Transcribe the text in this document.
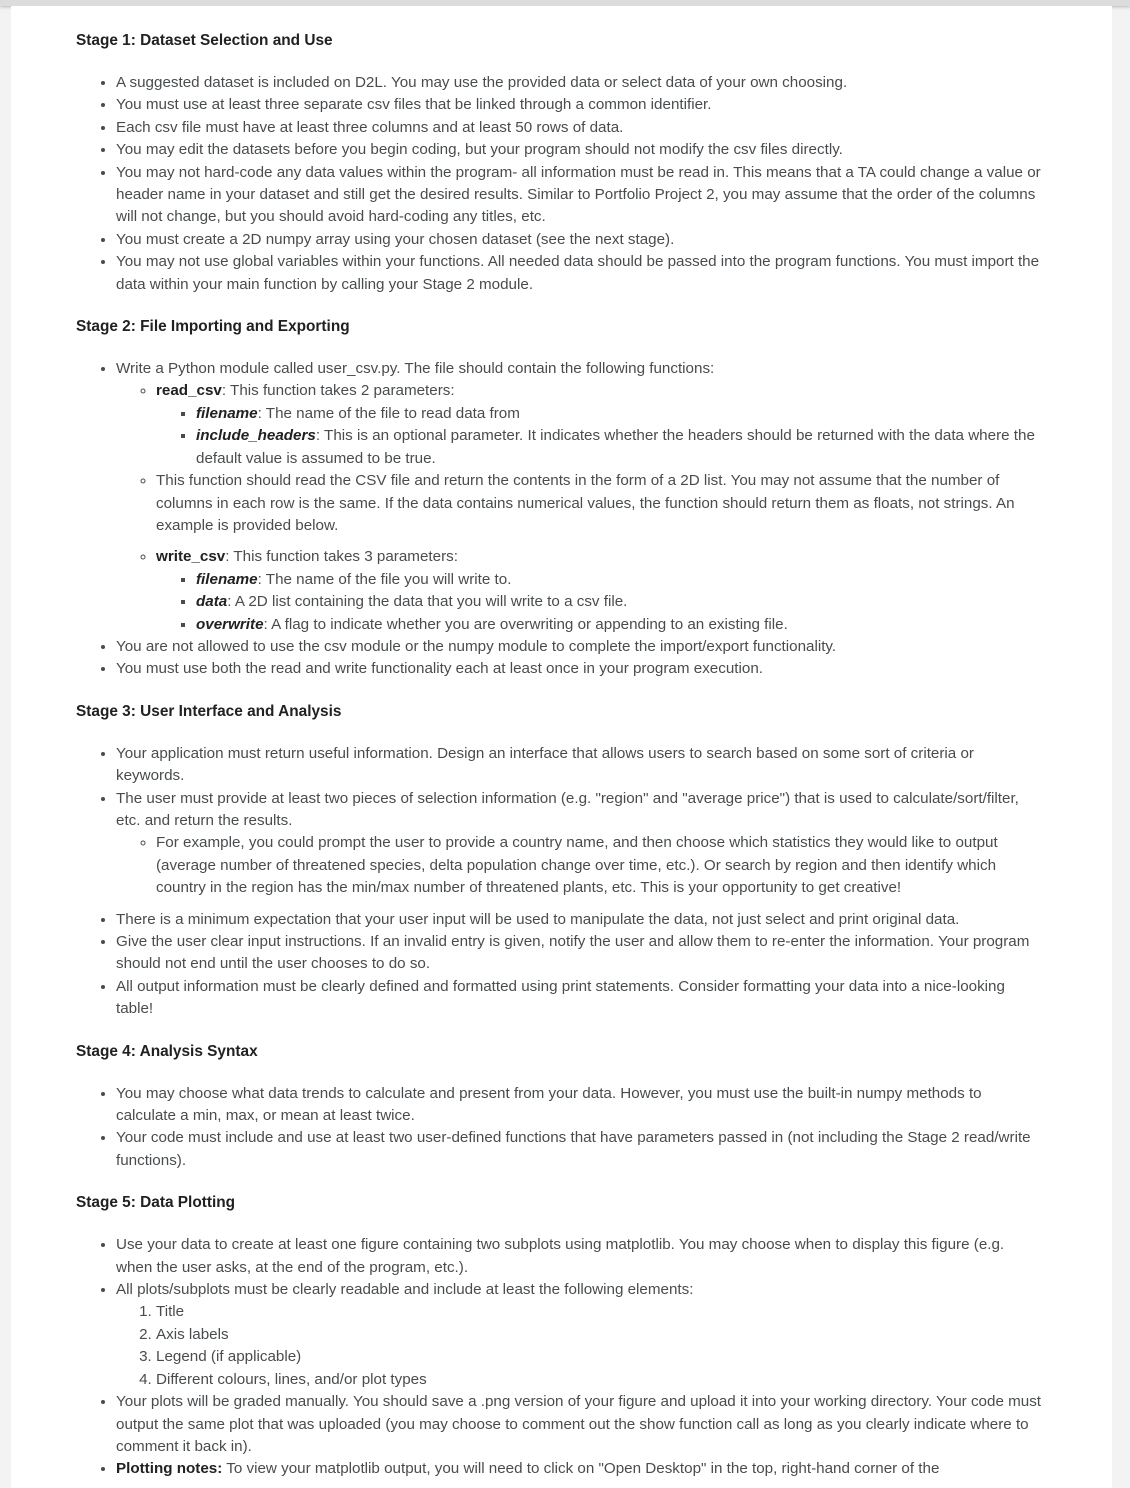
Stage 1: Dataset Selection and Use
• A suggested dataset is included on D2L. You may use the provided data or select data of your own choosing.
• You must use at least three separate csv files that be linked through a common identifier.
• Each csv file must have at least three columns and at least 50 rows of data.
• You may edit the datasets before you begin coding, but your program should not modify the csv files directly.
• You may not hard-code any data values within the program- all information must be read in. This means that a TA could change a value or header name in your dataset and still get the desired results. Similar to Portfolio Project 2, you may assume that the order of the columns will not change, but you should avoid hard-coding any titles, etc.
• You must create a 2D numpy array using your chosen dataset (see the next stage).
• You may not use global variables within your functions. All needed data should be passed into the program functions. You must import the data within your main function by calling your Stage 2 module.
Stage 2: File Importing and Exporting
• Write a Python module called user_csv.py. The file should contain the following functions:
◦ read_csv: This function takes 2 parameters:
▪ filename: The name of the file to read data from
▪ include_headers: This is an optional parameter. It indicates whether the headers should be returned with the data where the default value is assumed to be true.
◦ This function should read the CSV file and return the contents in the form of a 2D list. You may not assume that the number of columns in each row is the same. If the data contains numerical values, the function should return them as floats, not strings. An example is provided below.
◦ write_csv: This function takes 3 parameters:
▪ filename: The name of the file you will write to.
▪ data: A 2D list containing the data that you will write to a csv file.
▪ overwrite: A flag to indicate whether you are overwriting or appending to an existing file.
• You are not allowed to use the csv module or the numpy module to complete the import/export functionality.
• You must use both the read and write functionality each at least once in your program execution.
Stage 3: User Interface and Analysis
• Your application must return useful information. Design an interface that allows users to search based on some sort of criteria or keywords.
• The user must provide at least two pieces of selection information (e.g. "region" and "average price") that is used to calculate/sort/filter, etc. and return the results.
◦ For example, you could prompt the user to provide a country name, and then choose which statistics they would like to output (average number of threatened species, delta population change over time, etc.). Or search by region and then identify which country in the region has the min/max number of threatened plants, etc. This is your opportunity to get creative!
• There is a minimum expectation that your user input will be used to manipulate the data, not just select and print original data.
• Give the user clear input instructions. If an invalid entry is given, notify the user and allow them to re-enter the information. Your program should not end until the user chooses to do so.
• All output information must be clearly defined and formatted using print statements. Consider formatting your data into a nice-looking table!
Stage 4: Analysis Syntax
• You may choose what data trends to calculate and present from your data. However, you must use the built-in numpy methods to calculate a min, max, or mean at least twice.
• Your code must include and use at least two user-defined functions that have parameters passed in (not including the Stage 2 read/write functions).
Stage 5: Data Plotting
• Use your data to create at least one figure containing two subplots using matplotlib. You may choose when to display this figure (e.g. when the user asks, at the end of the program, etc.).
• All plots/subplots must be clearly readable and include at least the following elements:
1. Title
2. Axis labels
3. Legend (if applicable)
4. Different colours, lines, and/or plot types
• Your plots will be graded manually. You should save a .png version of your figure and upload it into your working directory. Your code must output the same plot that was uploaded (you may choose to comment out the show function call as long as you clearly indicate where to comment it back in).
• Plotting notes: To view your matplotlib output, you will need to click on "Open Desktop" in the top, right-hand corner of the
